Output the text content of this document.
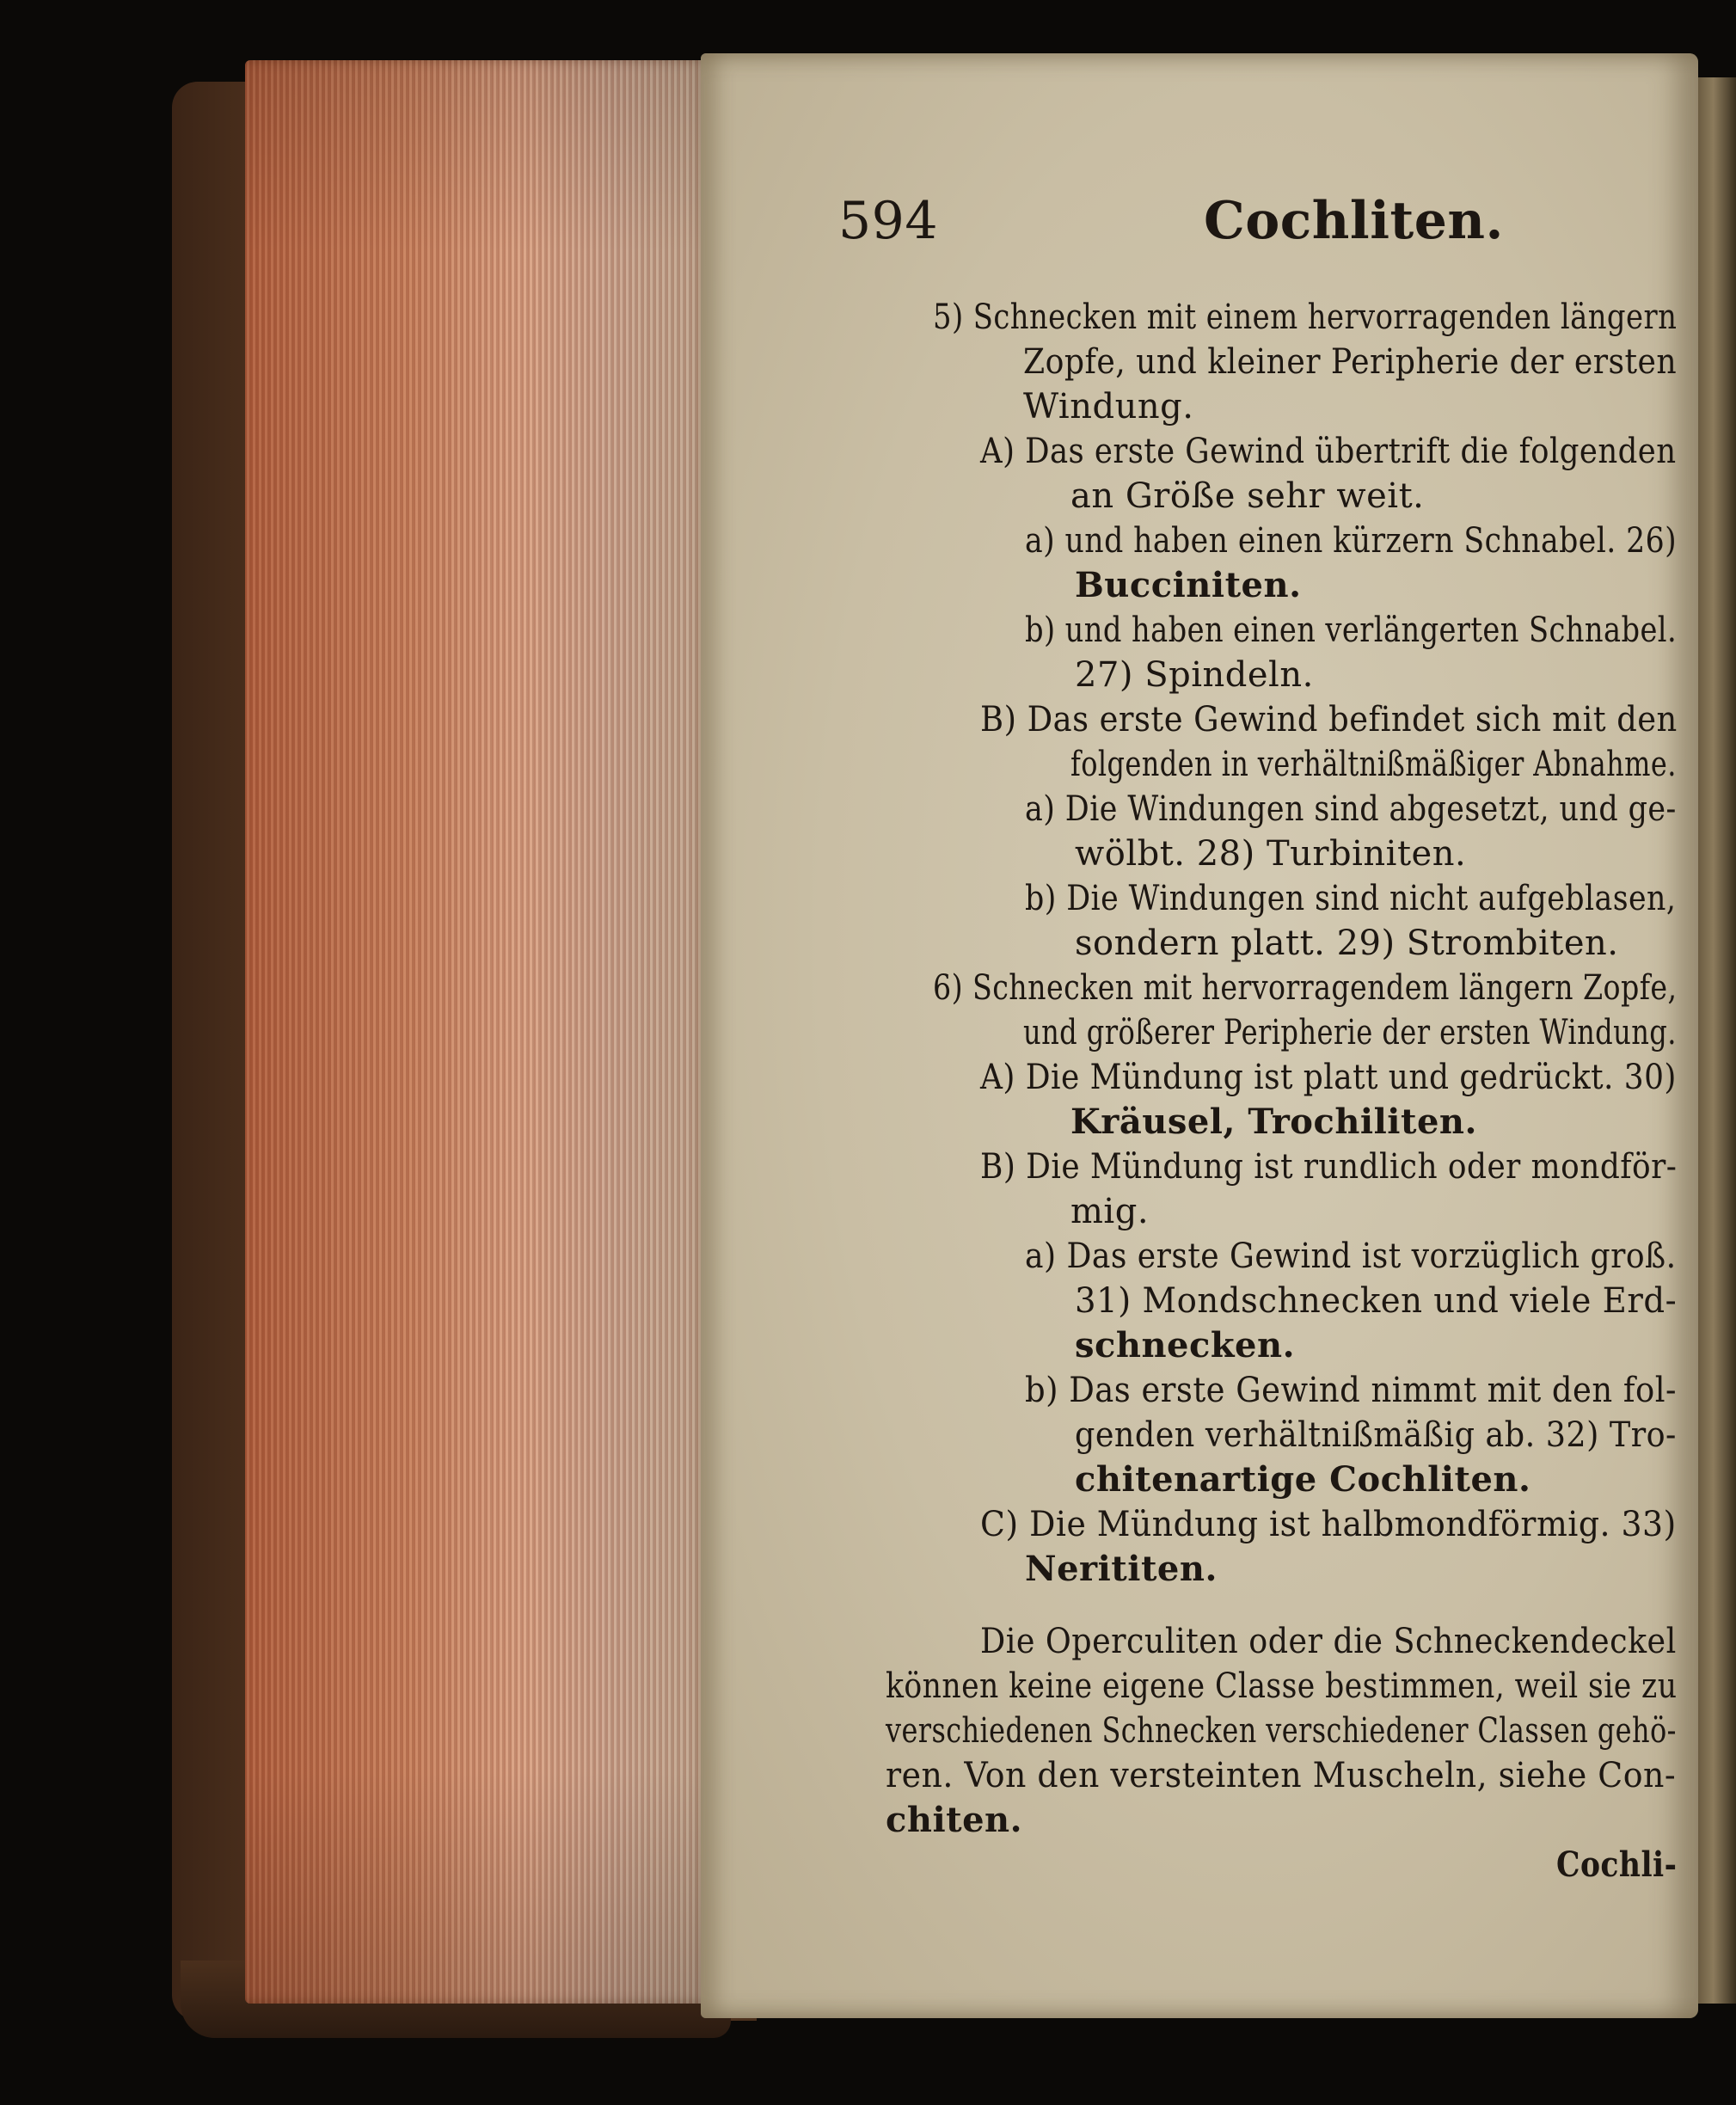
594	Cochliten.
5) Schnecken mit einem hervorragenden längern
Zopfe, und kleiner Peripherie der ersten
Windung.
A) Das erste Gewind übertrift die folgenden
an Größe sehr weit.
a) und haben einen kürzern Schnabel. 26)
Bucciniten.
b) und haben einen verlängerten Schnabel.
27) Spindeln.
B) Das erste Gewind befindet sich mit den
folgenden in verhältnißmäßiger Abnahme.
a) Die Windungen sind abgesetzt, und ge-
wölbt. 28) Turbiniten.
b) Die Windungen sind nicht aufgeblasen,
sondern platt. 29) Strombiten.
6) Schnecken mit hervorragendem längern Zopfe,
und größerer Peripherie der ersten Windung.
A) Die Mündung ist platt und gedrückt. 30)
Kräusel, Trochiliten.
B) Die Mündung ist rundlich oder mondför-
mig.
a) Das erste Gewind ist vorzüglich groß.
31) Mondschnecken und viele Erd-
schnecken.
b) Das erste Gewind nimmt mit den fol-
genden verhältnißmäßig ab. 32) Tro-
chitenartige Cochliten.
C) Die Mündung ist halbmondförmig. 33)
Nerititen.
Die Operculiten oder die Schneckendeckel
können keine eigene Classe bestimmen, weil sie zu
verschiedenen Schnecken verschiedener Classen gehö-
ren. Von den versteinten Muscheln, siehe Con-
chiten.
Cochli-
